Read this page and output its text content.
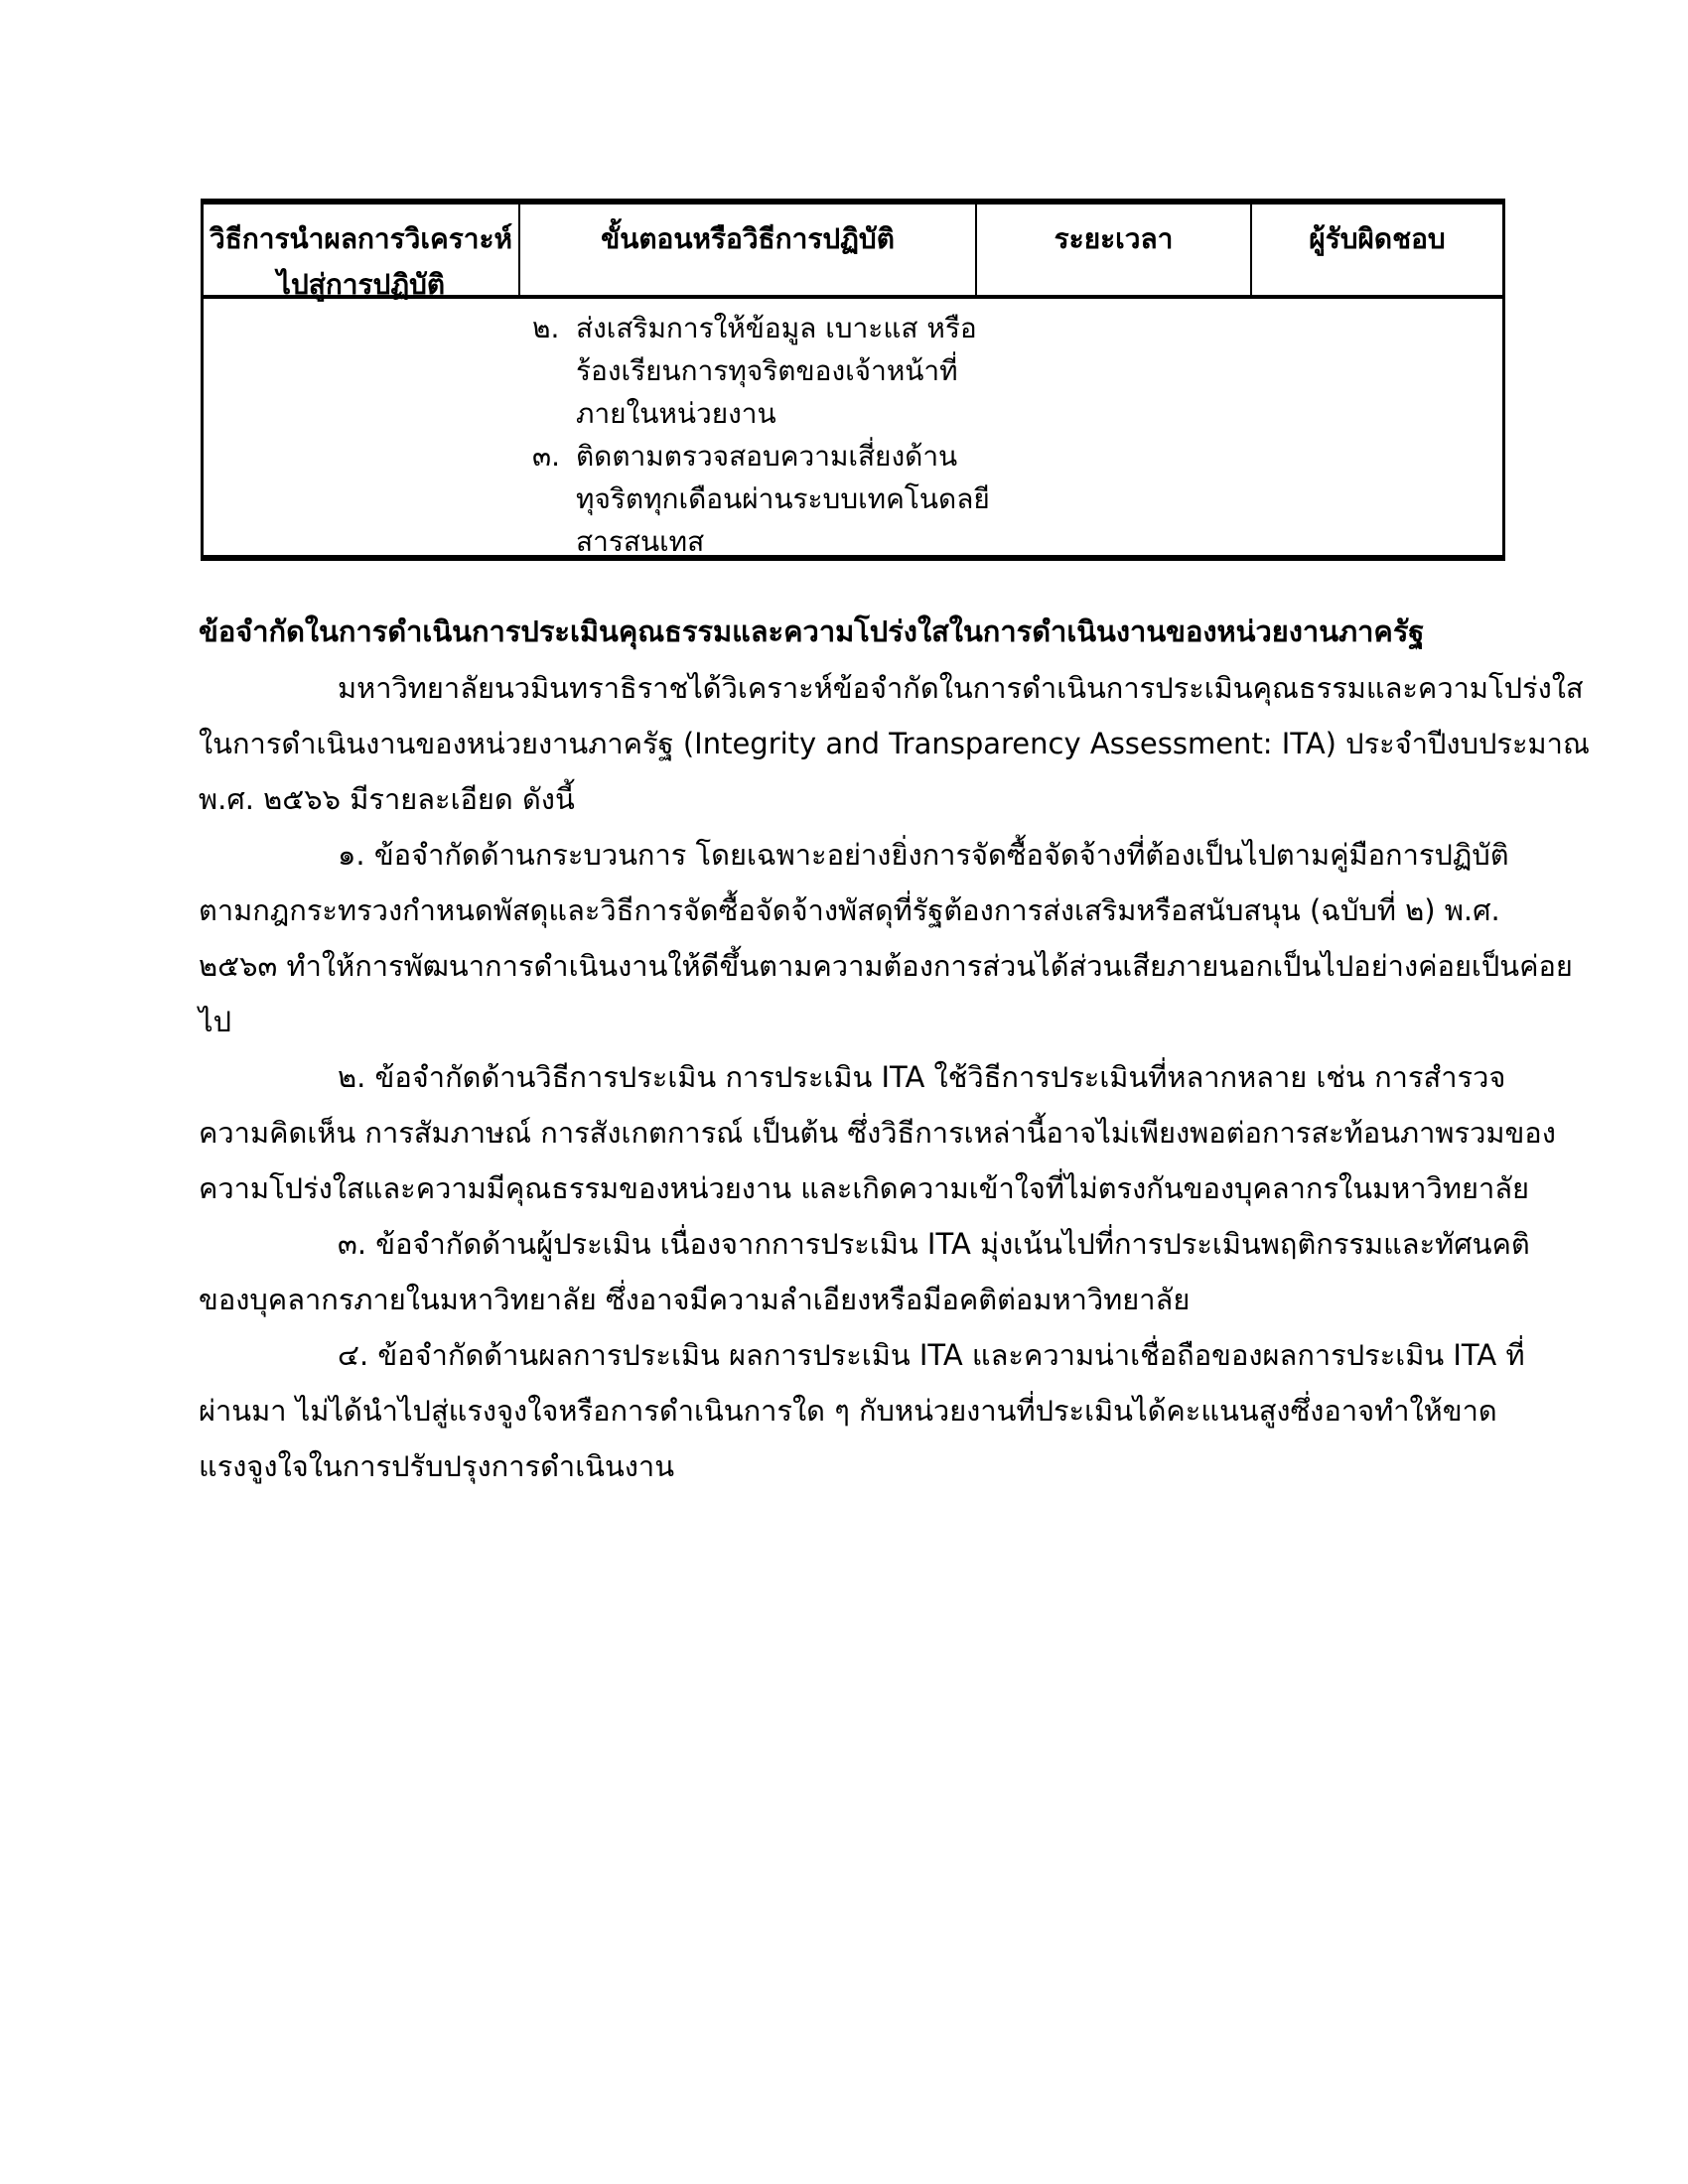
วิธีการนำผลการวิเคราะห์
ไปสู่การปฏิบัติ
ขั้นตอนหรือวิธีการปฏิบัติ	ระยะเวลา	ผู้รับผิดชอบ
๒. ส่งเสริมการให้ข้อมูล เบาะแส หรือ
ร้องเรียนการทุจริตของเจ้าหน้าที่
ภายในหน่วยงาน
๓. ติดตามตรวจสอบความเสี่ยงด้าน
ทุจริตทุกเดือนผ่านระบบเทคโนดลยี
สารสนเทส
ข้อจำกัดในการดำเนินการประเมินคุณธรรมและความโปร่งใสในการดำเนินงานของหน่วยงานภาครัฐ
มหาวิทยาลัยนวมินทราธิราชได้วิเคราะห์ข้อจำกัดในการดำเนินการประเมินคุณธรรมและความโปร่งใส
ในการดำเนินงานของหน่วยงานภาครัฐ (Integrity and Transparency Assessment: ITA) ประจำปีงบประมาณ
พ.ศ. ๒๕๖๖ มีรายละเอียด ดังนี้
๑. ข้อจำกัดด้านกระบวนการ โดยเฉพาะอย่างยิ่งการจัดซื้อจัดจ้างที่ต้องเป็นไปตามคู่มือการปฏิบัติ
ตามกฎกระทรวงกำหนดพัสดุและวิธีการจัดซื้อจัดจ้างพัสดุที่รัฐต้องการส่งเสริมหรือสนับสนุน (ฉบับที่ ๒) พ.ศ.
๒๕๖๓ ทำให้การพัฒนาการดำเนินงานให้ดีขึ้นตามความต้องการส่วนได้ส่วนเสียภายนอกเป็นไปอย่างค่อยเป็นค่อย
ไป
๒. ข้อจำกัดด้านวิธีการประเมิน การประเมิน ITA ใช้วิธีการประเมินที่หลากหลาย เช่น การสำรวจ
ความคิดเห็น การสัมภาษณ์ การสังเกตการณ์ เป็นต้น ซึ่งวิธีการเหล่านี้อาจไม่เพียงพอต่อการสะท้อนภาพรวมของ
ความโปร่งใสและความมีคุณธรรมของหน่วยงาน และเกิดความเข้าใจที่ไม่ตรงกันของบุคลากรในมหาวิทยาลัย
๓. ข้อจำกัดด้านผู้ประเมิน เนื่องจากการประเมิน ITA มุ่งเน้นไปที่การประเมินพฤติกรรมและทัศนคติ
ของบุคลากรภายในมหาวิทยาลัย ซึ่งอาจมีความลำเอียงหรือมีอคติต่อมหาวิทยาลัย
๔. ข้อจำกัดด้านผลการประเมิน ผลการประเมิน ITA และความน่าเชื่อถือของผลการประเมิน ITA ที่
ผ่านมา ไม่ได้นำไปสู่แรงจูงใจหรือการดำเนินการใด ๆ กับหน่วยงานที่ประเมินได้คะแนนสูงซึ่งอาจทำให้ขาด
แรงจูงใจในการปรับปรุงการดำเนินงาน
